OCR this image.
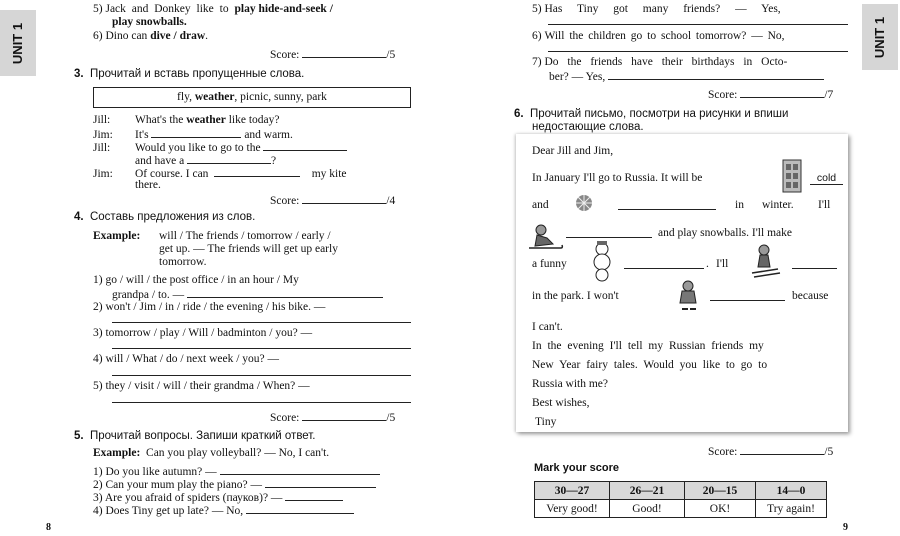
UNIT 1	UNIT 1
5) Jack and Donkey like to play hide-and-seek /
play snowballs.
6) Dino can dive / draw.
Score:	/5
3. Прочитай и вставь пропущенные слова.
fly, weather, picnic, sunny, park
Jill: What's the weather like today?
Jim: It's	and warm.
Jill: Would you like to go to the
and have a	?
Jim: Of course. I can	my kite
there.
Score:	/4
4. Составь предложения из слов.
Example: will / The friends / tomorrow / early /
get up. — The friends will get up early
tomorrow.
1) go / will / the post office / in an hour / My
grandpa / to. —
2) won't / Jim / in / ride / the evening / his bike. —
3) tomorrow / play / Will / badminton / you? —
4) will / What / do / next week / you? —
5) they / visit / will / their grandma / When? —
Score:	/5
5. Прочитай вопросы. Запиши краткий ответ.
Example: Can you play volleyball? — No, I can't.
1) Do you like autumn? —
2) Can your mum play the piano? —
3) Are you afraid of spiders (пауков)? —
4) Does Tiny get up late? — No,
8	9
5) Has Tiny got many friends? — Yes,
6) Will the children go to school tomorrow? — No,
7) Do the friends have their birthdays in Octo-
ber? — Yes,
Score:	/7
6. Прочитай письмо, посмотри на рисунки и впиши
недостающие слова.
Dear Jill and Jim,
In January I'll go to Russia. It will be	cold
and	in winter. I'll
and play snowballs. I'll make
a funny	. I'll
in the park. I won't	because
I can't.
In the evening I'll tell my Russian friends my
New Year fairy tales. Would you like to go to
Russia with me?
Best wishes,
Tiny
Score:	/5
Mark your score
30—27	26—21	20—15	14—0
Very good!	Good!	OK!	Try again!
